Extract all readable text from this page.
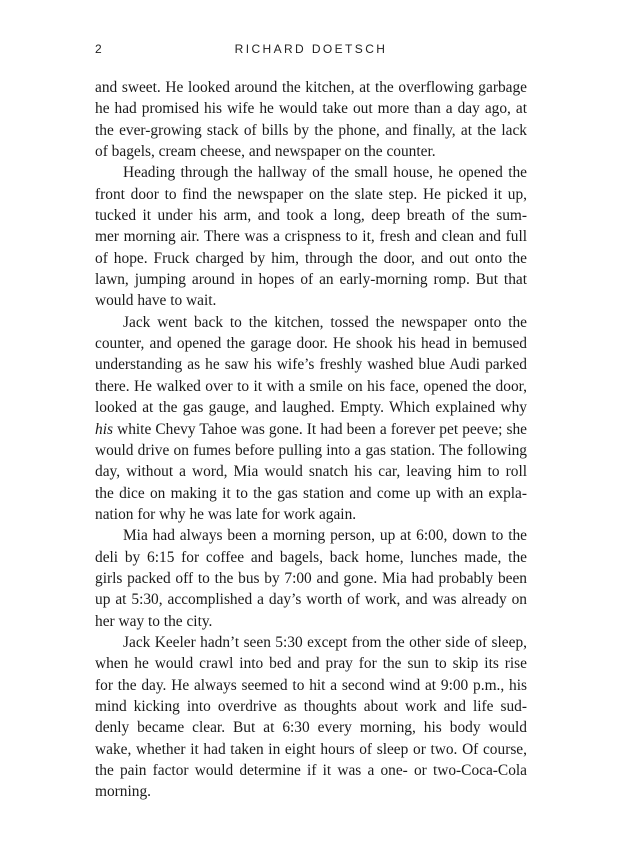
2	RICHARD DOETSCH
and sweet. He looked around the kitchen, at the overflowing garbage
he had promised his wife he would take out more than a day ago, at
the ever-growing stack of bills by the phone, and finally, at the lack
of bagels, cream cheese, and newspaper on the counter.
Heading through the hallway of the small house, he opened the
front door to find the newspaper on the slate step. He picked it up,
tucked it under his arm, and took a long, deep breath of the sum-
mer morning air. There was a crispness to it, fresh and clean and full
of hope. Fruck charged by him, through the door, and out onto the
lawn, jumping around in hopes of an early-morning romp. But that
would have to wait.
Jack went back to the kitchen, tossed the newspaper onto the
counter, and opened the garage door. He shook his head in bemused
understanding as he saw his wife’s freshly washed blue Audi parked
there. He walked over to it with a smile on his face, opened the door,
looked at the gas gauge, and laughed. Empty. Which explained why
his white Chevy Tahoe was gone. It had been a forever pet peeve; she
would drive on fumes before pulling into a gas station. The following
day, without a word, Mia would snatch his car, leaving him to roll
the dice on making it to the gas station and come up with an expla-
nation for why he was late for work again.
Mia had always been a morning person, up at 6:00, down to the
deli by 6:15 for coffee and bagels, back home, lunches made, the
girls packed off to the bus by 7:00 and gone. Mia had probably been
up at 5:30, accomplished a day’s worth of work, and was already on
her way to the city.
Jack Keeler hadn’t seen 5:30 except from the other side of sleep,
when he would crawl into bed and pray for the sun to skip its rise
for the day. He always seemed to hit a second wind at 9:00 p.m., his
mind kicking into overdrive as thoughts about work and life sud-
denly became clear. But at 6:30 every morning, his body would
wake, whether it had taken in eight hours of sleep or two. Of course,
the pain factor would determine if it was a one- or two-Coca-Cola
morning.
